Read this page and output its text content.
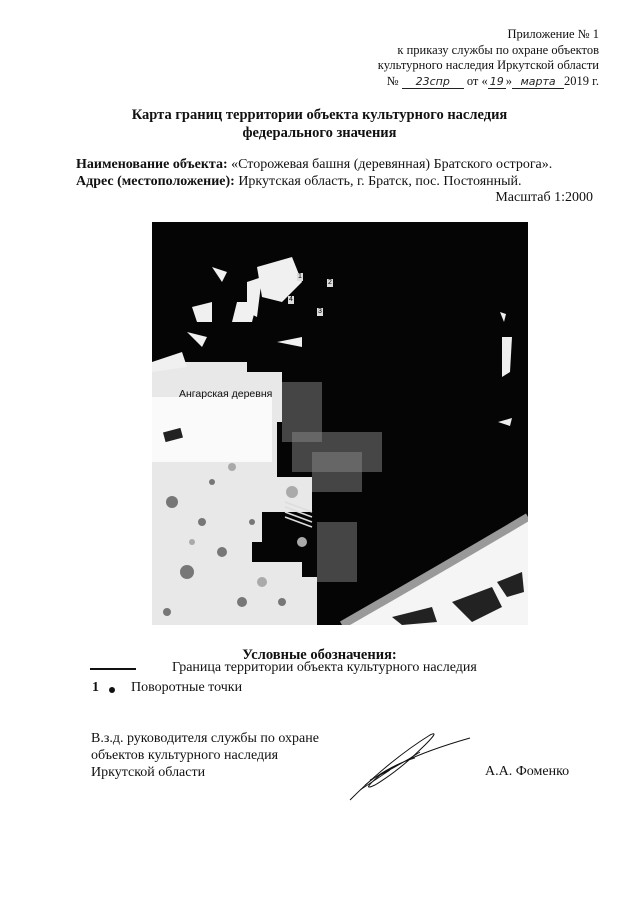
Приложение № 1
к приказу службы по охране объектов
культурного наследия Иркутской области
№ 23спр от « 19 » марта 2019 г.
Карта границ территории объекта культурного наследия
федерального значения
Наименование объекта: «Сторожевая башня (деревянная) Братского острога».
Адрес (местоположение): Иркутская область, г. Братск, пос. Постоянный.
Масштаб 1:2000
Ангарская деревня
1
2
3
4
Условные обозначения:
Граница территории объекта культурного наследия
1 Поворотные точки
В.з.д. руководителя службы по охране
объектов культурного наследия
Иркутской области	А.А. Фоменко
